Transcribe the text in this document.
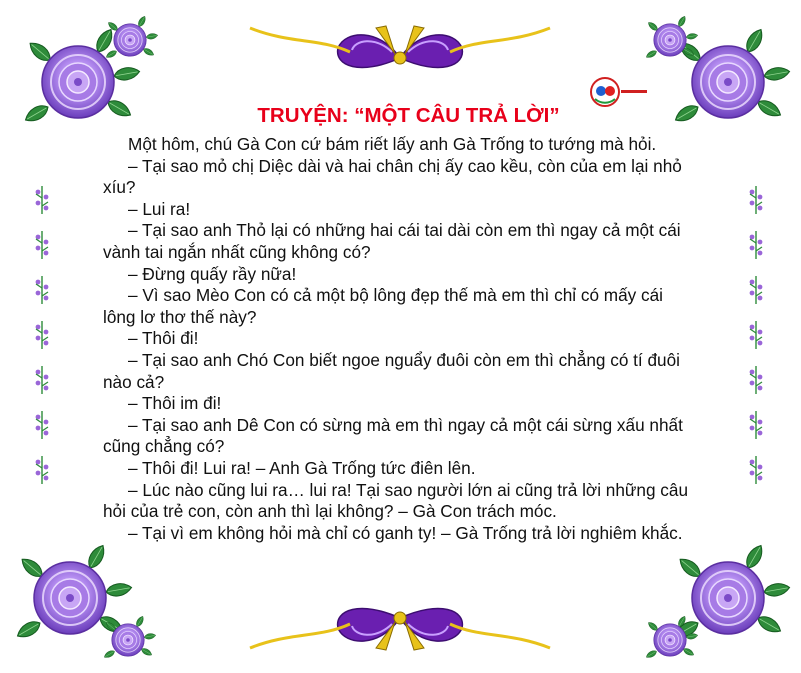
TRUYỆN: “MỘT CÂU TRẢ LỜI”

Một hôm, chú Gà Con cứ bám riết lấy anh Gà Trống to tướng mà hỏi.

– Tại sao mỏ chị Diệc dài và hai chân chị ấy cao kều, còn của em lại nhỏ xíu?

– Lui ra!

– Tại sao anh Thỏ lại có những hai cái tai dài còn em thì ngay cả một cái vành tai ngắn nhất cũng không có?

– Đừng quấy rầy nữa!

– Vì sao Mèo Con có cả một bộ lông đẹp thế mà em thì chỉ có mấy cái lông lơ thơ thế này?

– Thôi đi!

– Tại sao anh Chó Con biết ngoe nguẩy đuôi còn em thì chẳng có tí đuôi nào cả?

– Thôi im đi!

– Tại sao anh Dê Con có sừng mà em thì ngay cả một cái sừng xấu nhất cũng chẳng có?

– Thôi đi! Lui ra! – Anh Gà Trống tức điên lên.

– Lúc nào cũng lui ra… lui ra! Tại sao người lớn ai cũng trả lời những câu hỏi của trẻ con, còn anh thì lại không? – Gà Con trách móc.

– Tại vì em không hỏi mà chỉ có ganh ty! – Gà Trống trả lời nghiêm khắc.
